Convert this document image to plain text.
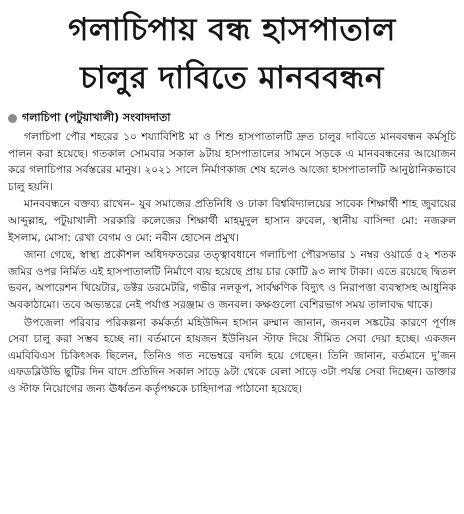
গলাচিপায় বন্ধ হাসপাতাল
চালুর দাবিতে মানববন্ধন
গলাচিপা (পটুয়াখালী) সংবাদদাতা

গলাচিপা পৌর শহরের ১০ শয্যাবিশিষ্ট মা ও শিশু হাসপাতালটি দ্রুত চালুর দাবিতে মানববন্ধন কর্মসূচি পালন করা হয়েছে। গতকাল সোমবার সকাল ৯টায় হাসপাতালের সামনে সড়কে এ মানববন্ধনের আয়োজন করে গলাচিপার সর্বস্তরের মানুষ। ২০২১ সালে নির্মাণকাজ শেষ হলেও আজো হাসপাতালটি আনুষ্ঠানিকভাবে চালু হয়নি।

মানববন্ধনে বক্তব্য রাখেন– যুব সমাজের প্রতিনিধি ও ঢাকা বিশ্ববিদ্যালয়ের সাবেক শিক্ষার্থী শাহ জুবায়ের আব্দুল্লাহ, পটুয়াখালী সরকারি কলেজের শিক্ষার্থী মাহমুদুল হাসান রুবেল, স্থানীয় বাসিন্দা মো: নজরুল ইসলাম, মোসা: রেখা বেগম ও মো: নবীন হোসেন প্রমুখ।

জানা গেছে, স্বাস্থ্য প্রকৌশল অধিদফতরের তত্ত্বাবধানে গলাচিপা পৌরসভার ১ নম্বর ওয়ার্ডে ৫২ শতক জমির ওপর নির্মিত এই হাসপাতালটি নির্মাণে ব্যয় হয়েছে প্রায় চার কোটি ৯৩ লাখ টাকা। এতে রয়েছে দ্বিতল ভবন, অপারেশন থিয়েটার, ডক্টর ডরমেটরি, গভীর নলকূপ, সার্বক্ষণিক বিদ্যুৎ ও নিরাপত্তা ব্যবস্থাসহ আধুনিক অবকাঠামো। তবে অভ্যন্তরে নেই পর্যাপ্ত সরঞ্জাম ও জনবল। কক্ষগুলো বেশিরভাগ সময় তালাবদ্ধ থাকে।

উপজেলা পরিবার পরিকল্পনা কর্মকর্তা মহিউদ্দিন হাসান রুম্মান জানান, জনবল সঙ্কটের কারণে পূর্ণাঙ্গ সেবা চালু করা সম্ভব হচ্ছে না। বর্তমানে হায়জন ইউনিয়ন স্টাফ দিয়ে সীমিত সেবা দেয়া হচ্ছে। একজন এমবিবিএস চিকিৎসক ছিলেন, তিনিও গত নভেম্বরে বদলি হয়ে গেছেন। তিনি জানান, বর্তমানে দু’জন এফডব্লিউভি ছুটির দিন বাদে প্রতিদিন সকাল সাড়ে ৯টা থেকে বেলা সাড়ে ৩টা পর্যন্ত সেবা দিচ্ছেন। ডাক্তার ও স্টাফ নিয়োগের জন্য ঊর্ধ্বতন কর্তৃপক্ষকে চাহিদাপত্র পাঠানো হয়েছে।
